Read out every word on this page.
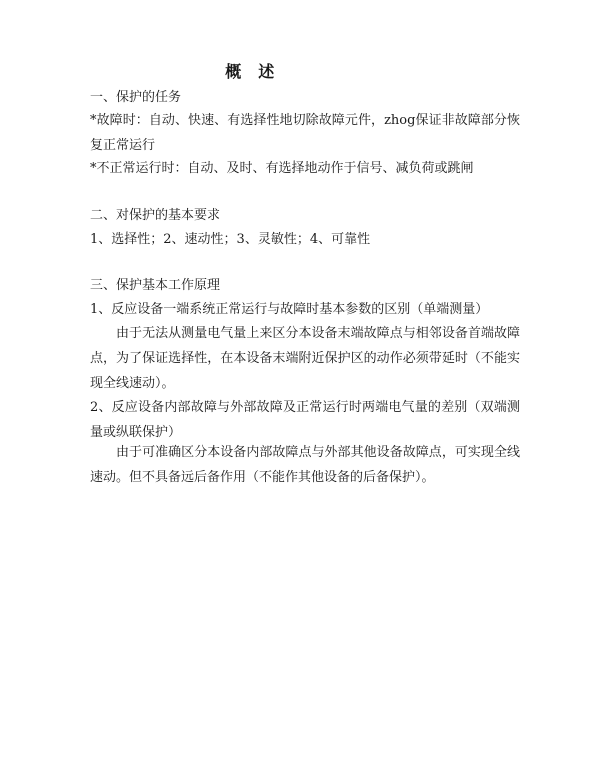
概　述
一、保护的任务
*故障时：自动、快速、有选择性地切除故障元件，zhog保证非故障部分恢复正常运行
*不正常运行时：自动、及时、有选择地动作于信号、减负荷或跳闸
二、对保护的基本要求
1、选择性；2、速动性；3、灵敏性；4、可靠性
三、保护基本工作原理
1、反应设备一端系统正常运行与故障时基本参数的区别（单端测量）
由于无法从测量电气量上来区分本设备末端故障点与相邻设备首端故障点，为了保证选择性，在本设备末端附近保护区的动作必须带延时（不能实现全线速动）。
2、反应设备内部故障与外部故障及正常运行时两端电气量的差别（双端测量或纵联保护）
由于可准确区分本设备内部故障点与外部其他设备故障点，可实现全线速动。但不具备远后备作用（不能作其他设备的后备保护）。
